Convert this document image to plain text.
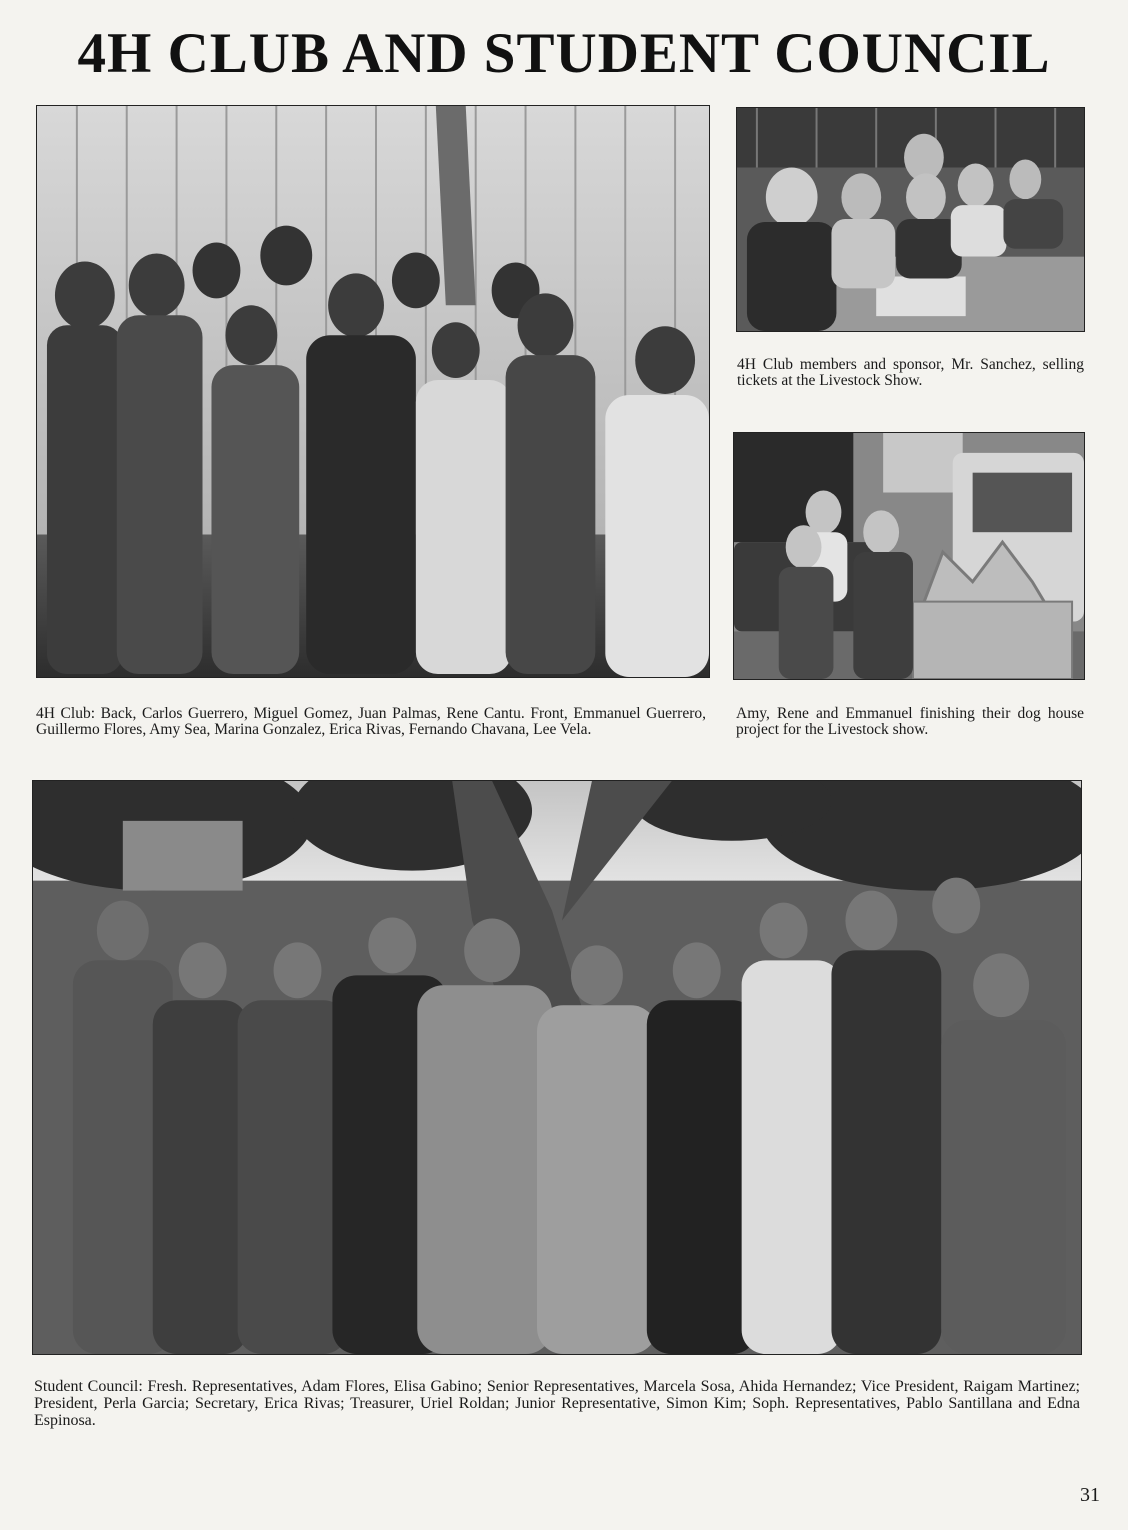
4H CLUB AND STUDENT COUNCIL
4H Club members and sponsor, Mr. Sanchez, selling tickets at the Livestock Show.
4H Club: Back, Carlos Guerrero, Miguel Gomez, Juan Palmas, Rene Cantu. Front, Emmanuel Guerrero, Guillermo Flores, Amy Sea, Marina Gonzalez, Erica Rivas, Fernando Chavana, Lee Vela.
Amy, Rene and Emmanuel finishing their dog house project for the Livestock show.
Student Council: Fresh. Representatives, Adam Flores, Elisa Gabino; Senior Representatives, Marcela Sosa, Ahida Hernandez; Vice President, Raigam Martinez; President, Perla Garcia; Secretary, Erica Rivas; Treasurer, Uriel Roldan; Junior Representative, Simon Kim; Soph. Representatives, Pablo Santillana and Edna Espinosa.
31
